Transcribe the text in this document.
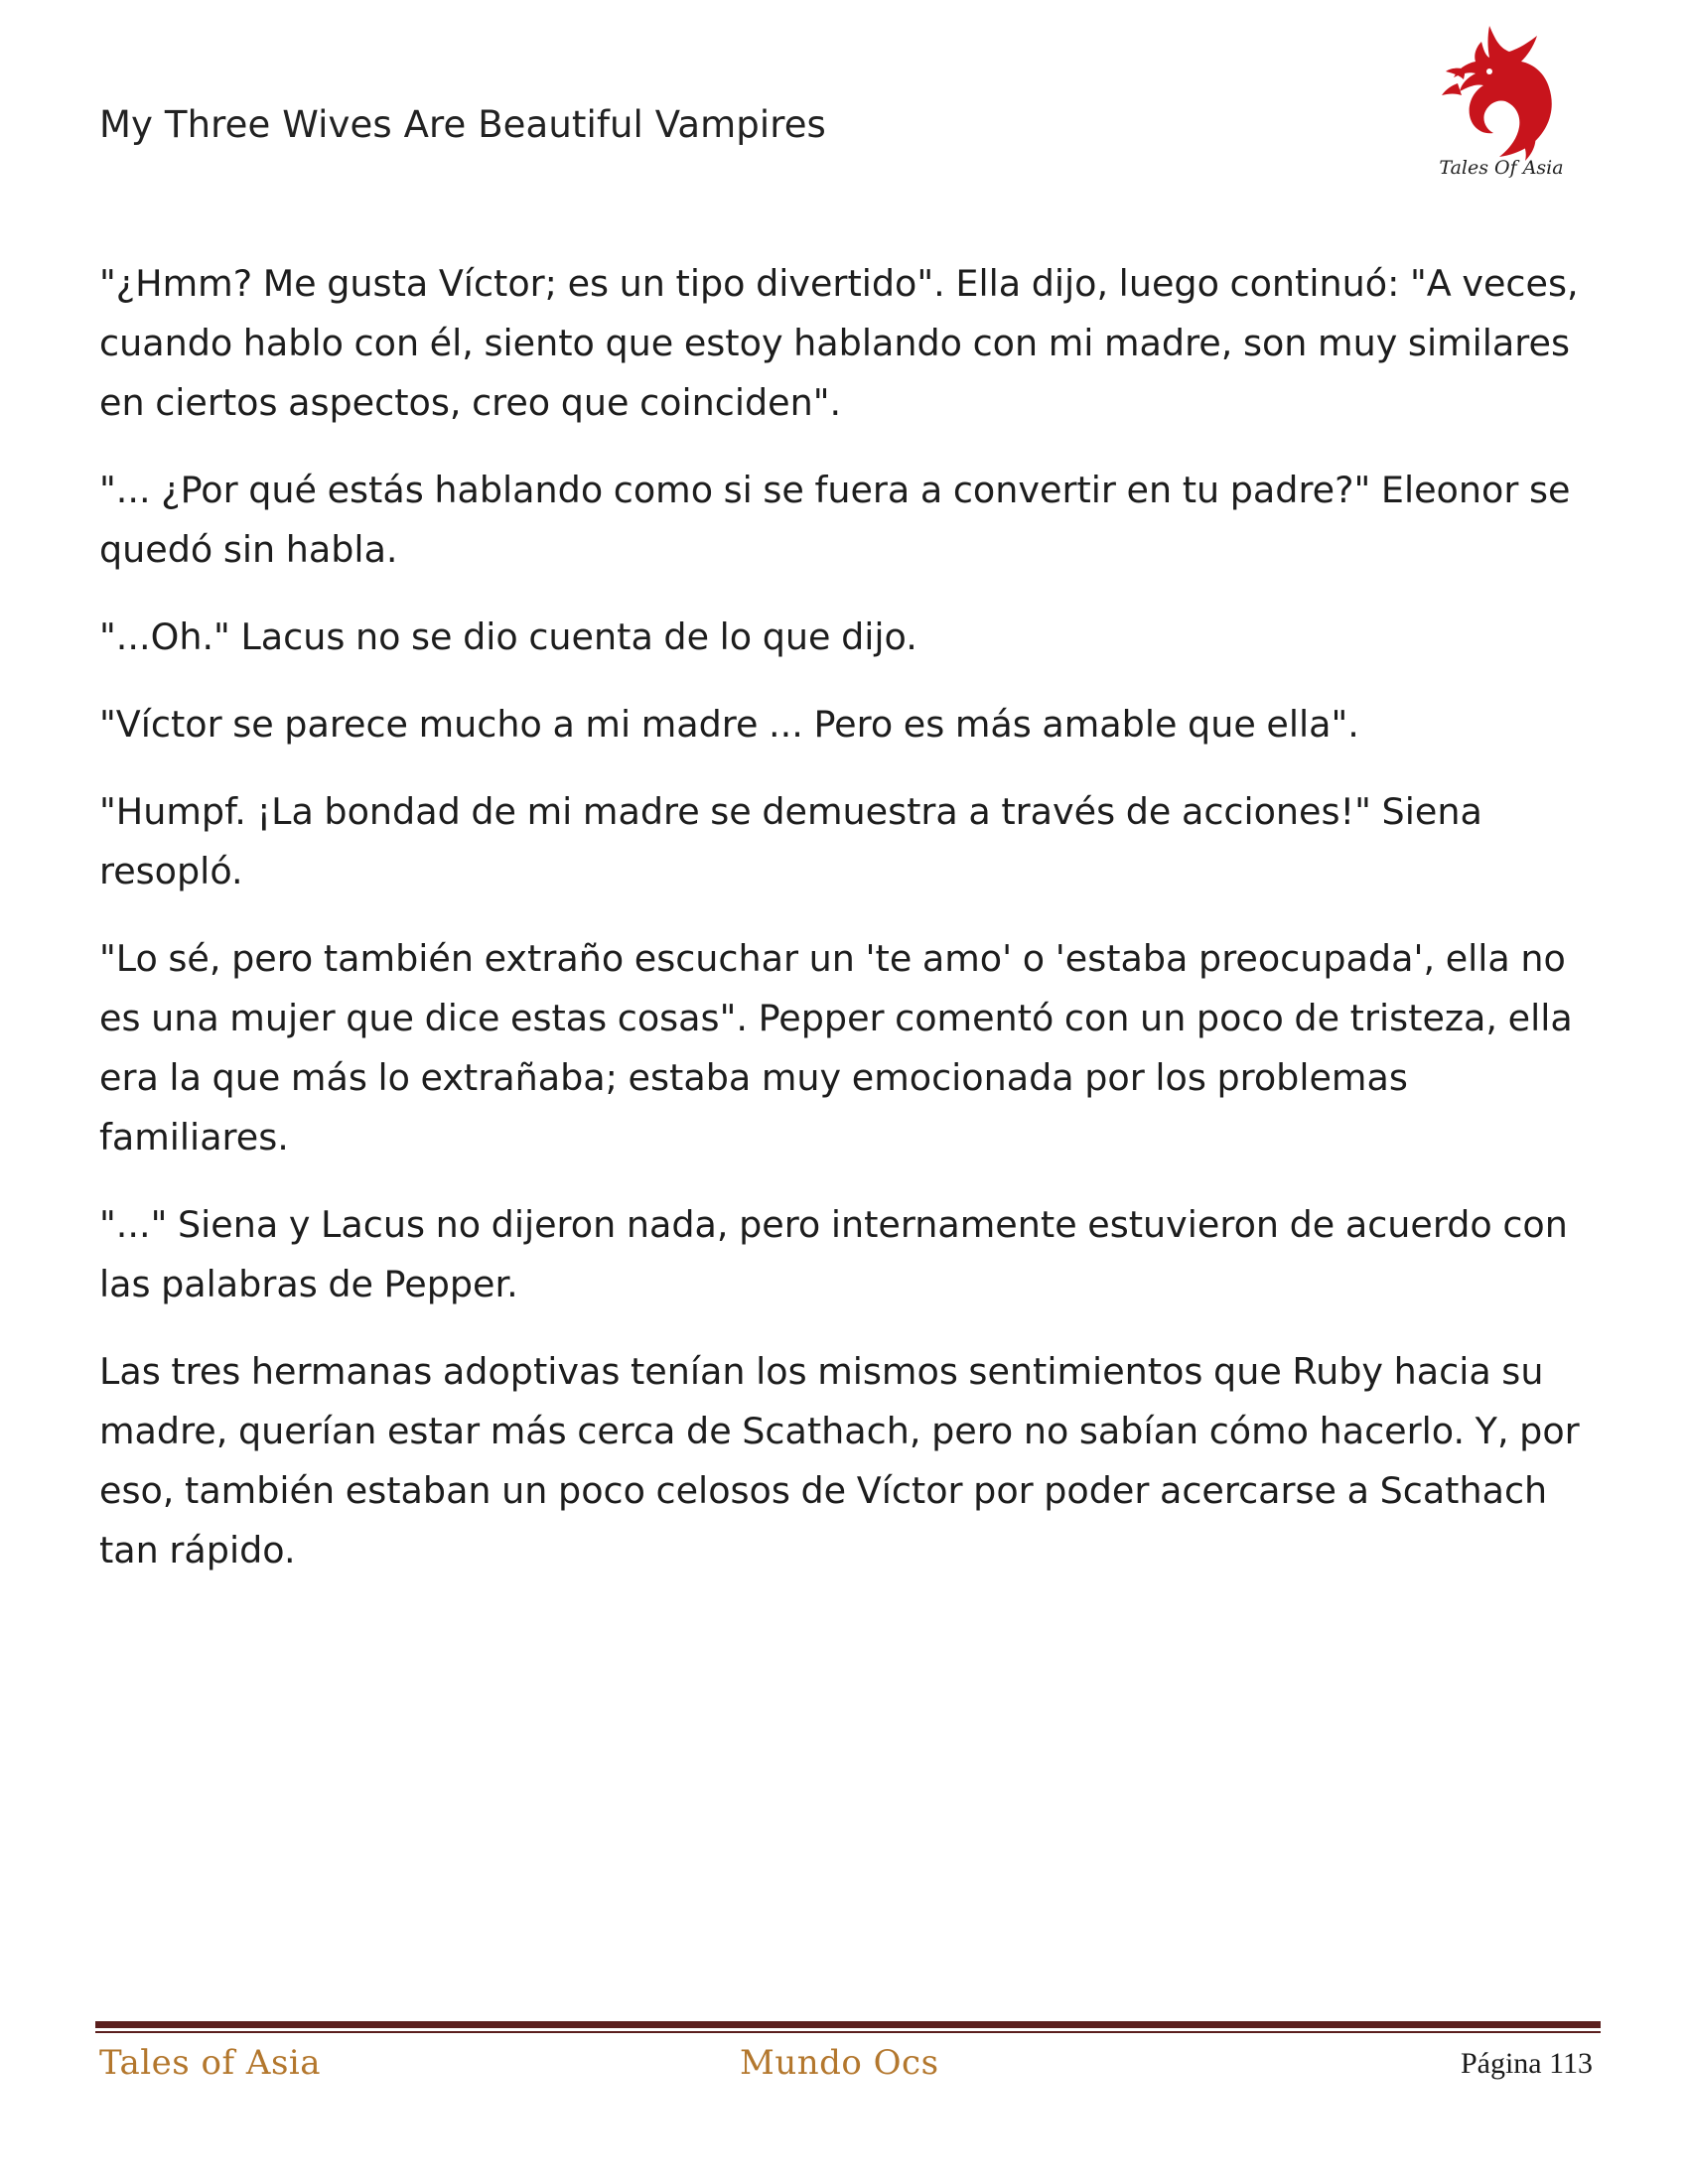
My Three Wives Are Beautiful Vampires
Tales Of Asia

"¿Hmm? Me gusta Víctor; es un tipo divertido". Ella dijo, luego continuó: "A veces, cuando hablo con él, siento que estoy hablando con mi madre, son muy similares en ciertos aspectos, creo que coinciden".

"... ¿Por qué estás hablando como si se fuera a convertir en tu padre?" Eleonor se quedó sin habla.

"...Oh." Lacus no se dio cuenta de lo que dijo.

"Víctor se parece mucho a mi madre ... Pero es más amable que ella".

"Humpf. ¡La bondad de mi madre se demuestra a través de acciones!" Siena resopló.

"Lo sé, pero también extraño escuchar un 'te amo' o 'estaba preocupada', ella no es una mujer que dice estas cosas". Pepper comentó con un poco de tristeza, ella era la que más lo extrañaba; estaba muy emocionada por los problemas familiares.

"..." Siena y Lacus no dijeron nada, pero internamente estuvieron de acuerdo con las palabras de Pepper.

Las tres hermanas adoptivas tenían los mismos sentimientos que Ruby hacia su madre, querían estar más cerca de Scathach, pero no sabían cómo hacerlo. Y, por eso, también estaban un poco celosos de Víctor por poder acercarse a Scathach tan rápido.

Tales of Asia	Mundo Ocs	Página 113
